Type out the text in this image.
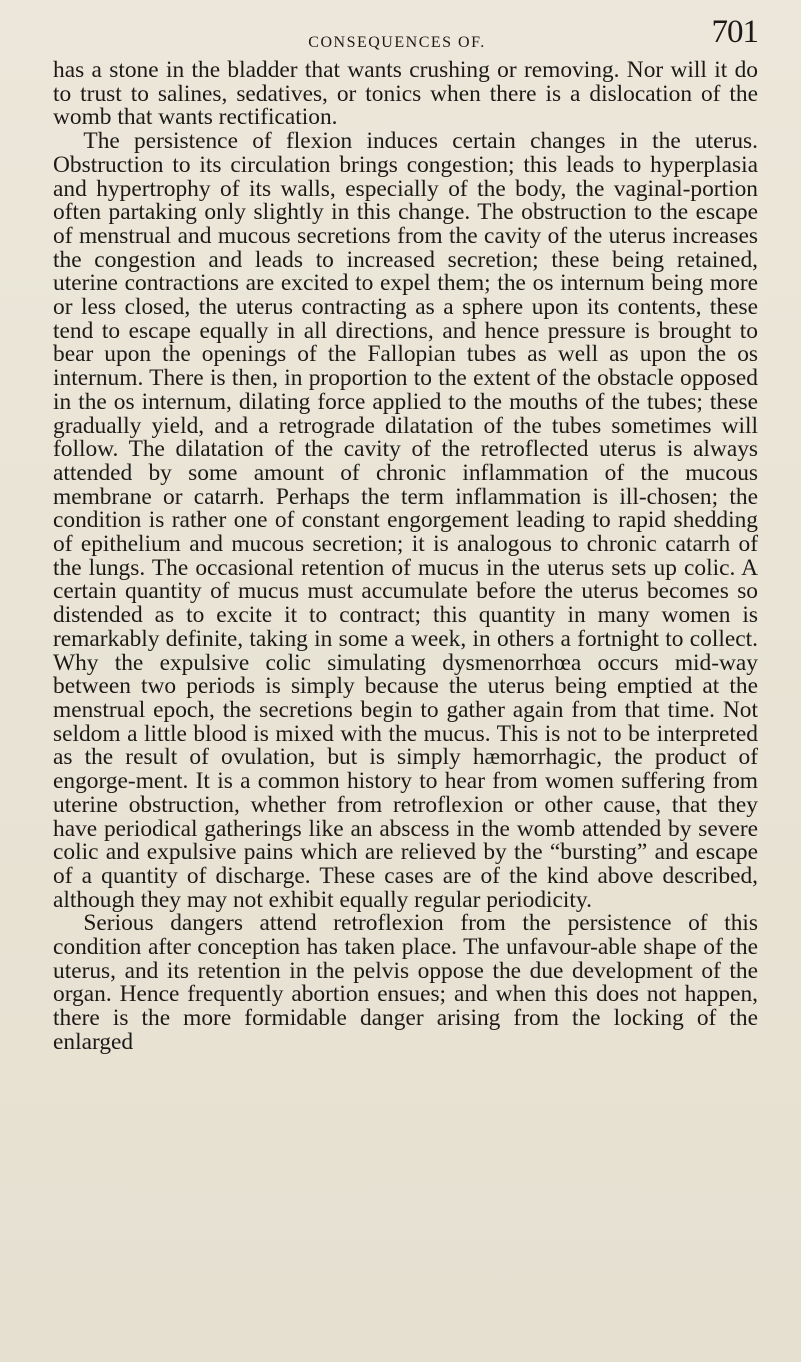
CONSEQUENCES OF.	701

has a stone in the bladder that wants crushing or removing. Nor will it do to trust to salines, sedatives, or tonics when there is a dislocation of the womb that wants rectification.

The persistence of flexion induces certain changes in the uterus. Obstruction to its circulation brings congestion; this leads to hyperplasia and hypertrophy of its walls, especially of the body, the vaginal-portion often partaking only slightly in this change. The obstruction to the escape of menstrual and mucous secretions from the cavity of the uterus increases the congestion and leads to increased secretion; these being retained, uterine contractions are excited to expel them; the os internum being more or less closed, the uterus contracting as a sphere upon its contents, these tend to escape equally in all directions, and hence pressure is brought to bear upon the openings of the Fallopian tubes as well as upon the os internum. There is then, in proportion to the extent of the obstacle opposed in the os internum, dilating force applied to the mouths of the tubes; these gradually yield, and a retrograde dilatation of the tubes sometimes will follow. The dilatation of the cavity of the retroflected uterus is always attended by some amount of chronic inflammation of the mucous membrane or catarrh. Perhaps the term inflammation is ill-chosen; the condition is rather one of constant engorgement leading to rapid shedding of epithelium and mucous secretion; it is analogous to chronic catarrh of the lungs. The occasional retention of mucus in the uterus sets up colic. A certain quantity of mucus must accumulate before the uterus becomes so distended as to excite it to contract; this quantity in many women is remarkably definite, taking in some a week, in others a fortnight to collect. Why the expulsive colic simulating dysmenorrhœa occurs mid-way between two periods is simply because the uterus being emptied at the menstrual epoch, the secretions begin to gather again from that time. Not seldom a little blood is mixed with the mucus. This is not to be interpreted as the result of ovulation, but is simply hæmorrhagic, the product of engorge-ment. It is a common history to hear from women suffering from uterine obstruction, whether from retroflexion or other cause, that they have periodical gatherings like an abscess in the womb attended by severe colic and expulsive pains which are relieved by the “bursting” and escape of a quantity of discharge. These cases are of the kind above described, although they may not exhibit equally regular periodicity.

Serious dangers attend retroflexion from the persistence of this condition after conception has taken place. The unfavour-able shape of the uterus, and its retention in the pelvis oppose the due development of the organ. Hence frequently abortion ensues; and when this does not happen, there is the more formidable danger arising from the locking of the enlarged
